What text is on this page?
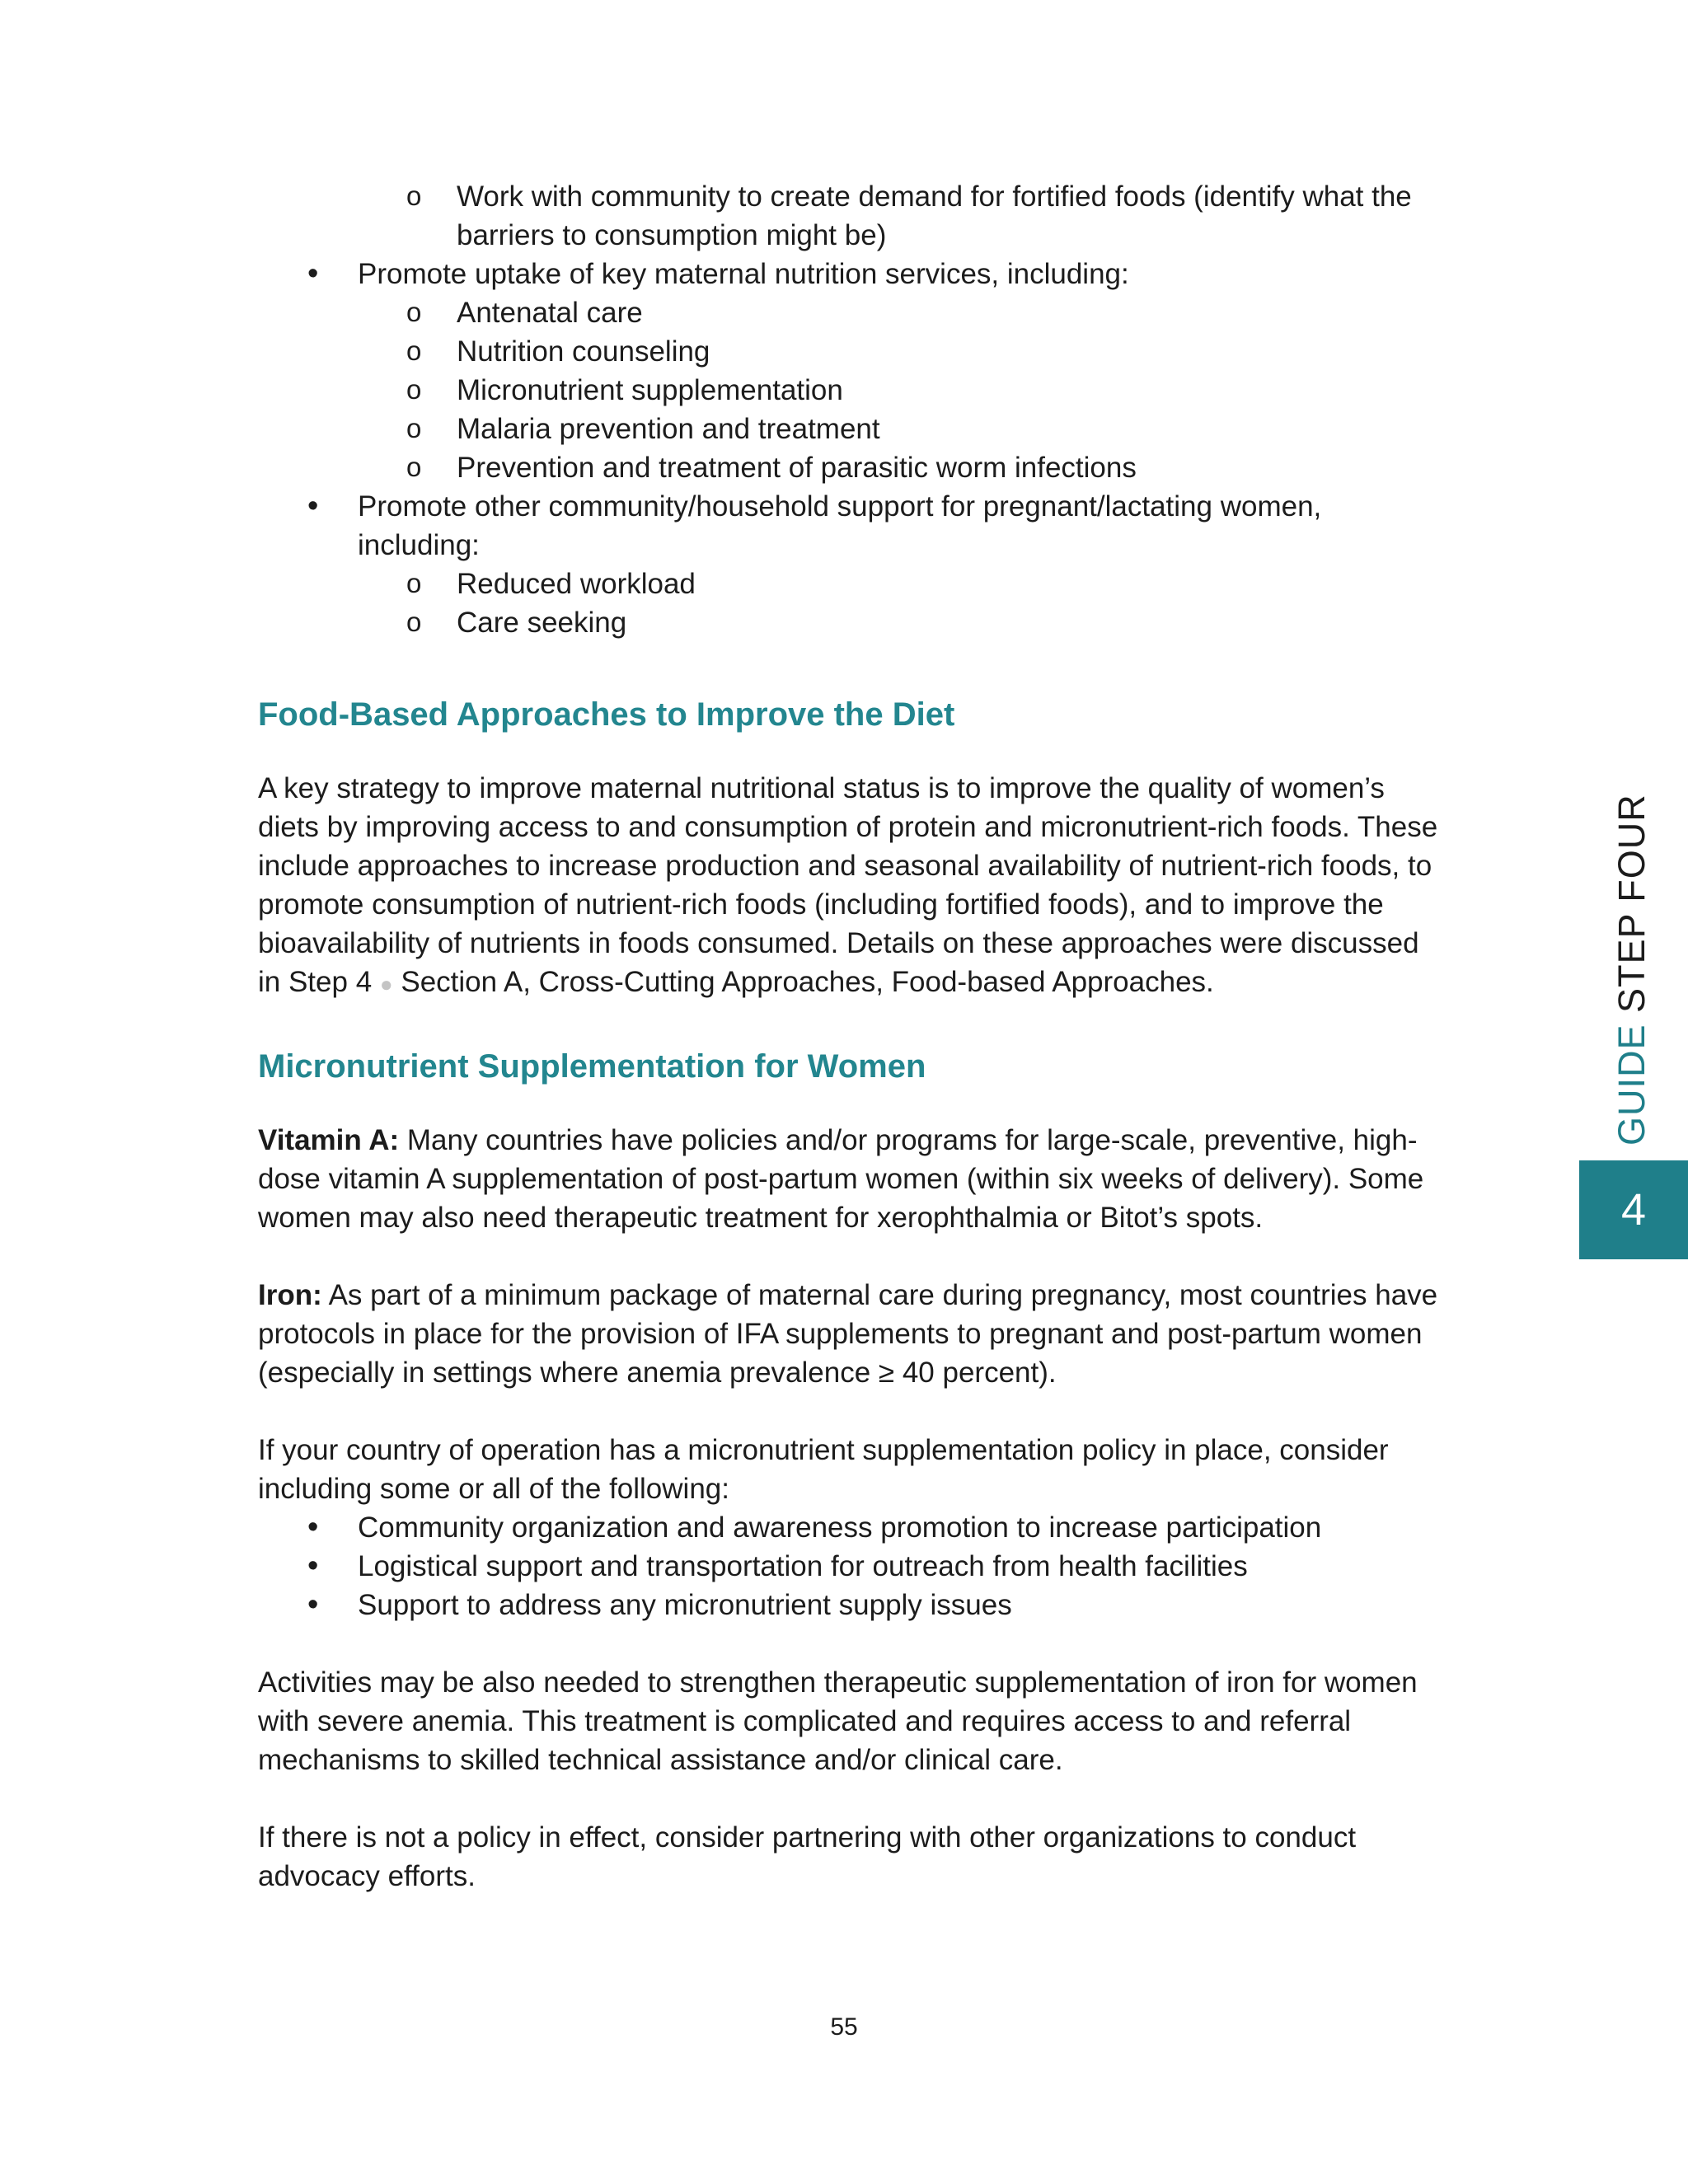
o Work with community to create demand for fortified foods (identify what the barriers to consumption might be)
• Promote uptake of key maternal nutrition services, including:
o Antenatal care
o Nutrition counseling
o Micronutrient supplementation
o Malaria prevention and treatment
o Prevention and treatment of parasitic worm infections
• Promote other community/household support for pregnant/lactating women, including:
o Reduced workload
o Care seeking
Food-Based Approaches to Improve the Diet

A key strategy to improve maternal nutritional status is to improve the quality of women’s diets by improving access to and consumption of protein and micronutrient-rich foods. These include approaches to increase production and seasonal availability of nutrient-rich foods, to promote consumption of nutrient-rich foods (including fortified foods), and to improve the bioavailability of nutrients in foods consumed. Details on these approaches were discussed in Step 4 ● Section A, Cross-Cutting Approaches, Food-based Approaches.

Micronutrient Supplementation for Women

Vitamin A: Many countries have policies and/or programs for large-scale, preventive, high-dose vitamin A supplementation of post-partum women (within six weeks of delivery). Some women may also need therapeutic treatment for xerophthalmia or Bitot’s spots.

Iron: As part of a minimum package of maternal care during pregnancy, most countries have protocols in place for the provision of IFA supplements to pregnant and post-partum women (especially in settings where anemia prevalence ≥ 40 percent).

If your country of operation has a micronutrient supplementation policy in place, consider including some or all of the following:

• Community organization and awareness promotion to increase participation
• Logistical support and transportation for outreach from health facilities
• Support to address any micronutrient supply issues

Activities may be also needed to strengthen therapeutic supplementation of iron for women with severe anemia. This treatment is complicated and requires access to and referral mechanisms to skilled technical assistance and/or clinical care.

If there is not a policy in effect, consider partnering with other organizations to conduct advocacy efforts.

55
GUIDE STEP FOUR
4
